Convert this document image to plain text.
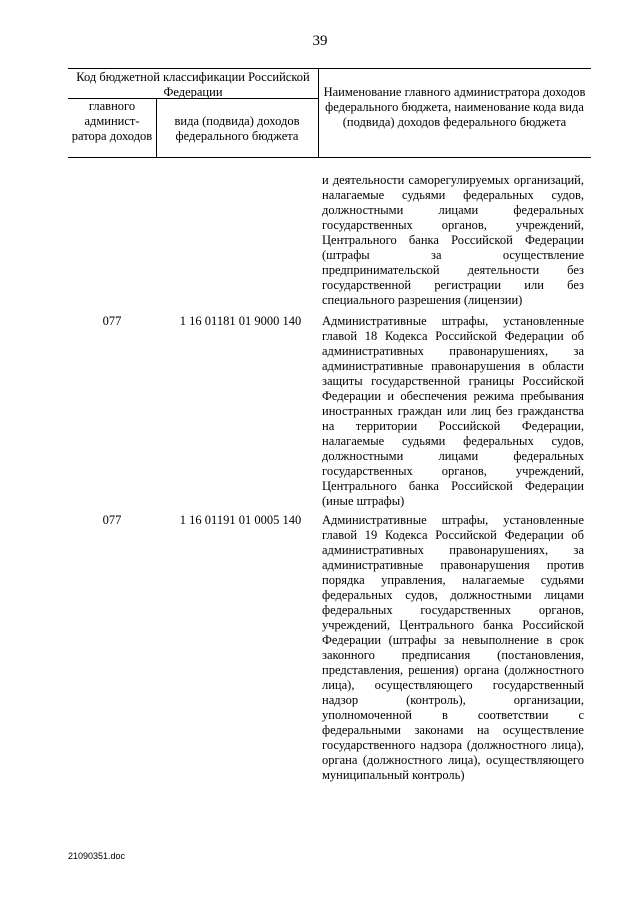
39
Код бюджетной классификации Российской Федерации
главного админист-ратора доходов
вида (подвида) доходов федерального бюджета
Наименование главного администратора доходов федерального бюджета, наименование кода вида (подвида) доходов федерального бюджета
и деятельности саморегулируемых организаций, налагаемые судьями федеральных судов, должностными лицами федеральных государственных органов, учреждений, Центрального банка Российской Федерации (штрафы за осуществление предпринимательской деятельности без государственной регистрации или без специального разрешения (лицензии)
077	1 16 01181 01 9000 140	Административные штрафы, установленные главой 18 Кодекса Российской Федерации об административных правонарушениях, за административные правонарушения в области защиты государственной границы Российской Федерации и обеспечения режима пребывания иностранных граждан или лиц без гражданства на территории Российской Федерации, налагаемые судьями федеральных судов, должностными лицами федеральных государственных органов, учреждений, Центрального банка Российской Федерации (иные штрафы)
077	1 16 01191 01 0005 140	Административные штрафы, установленные главой 19 Кодекса Российской Федерации об административных правонарушениях, за административные правонарушения против порядка управления, налагаемые судьями федеральных судов, должностными лицами федеральных государственных органов, учреждений, Центрального банка Российской Федерации (штрафы за невыполнение в срок законного предписания (постановления, представления, решения) органа (должностного лица), осуществляющего государственный надзор (контроль), организации, уполномоченной в соответствии с федеральными законами на осуществление государственного надзора (должностного лица), органа (должностного лица), осуществляющего муниципальный контроль)
21090351.doc
